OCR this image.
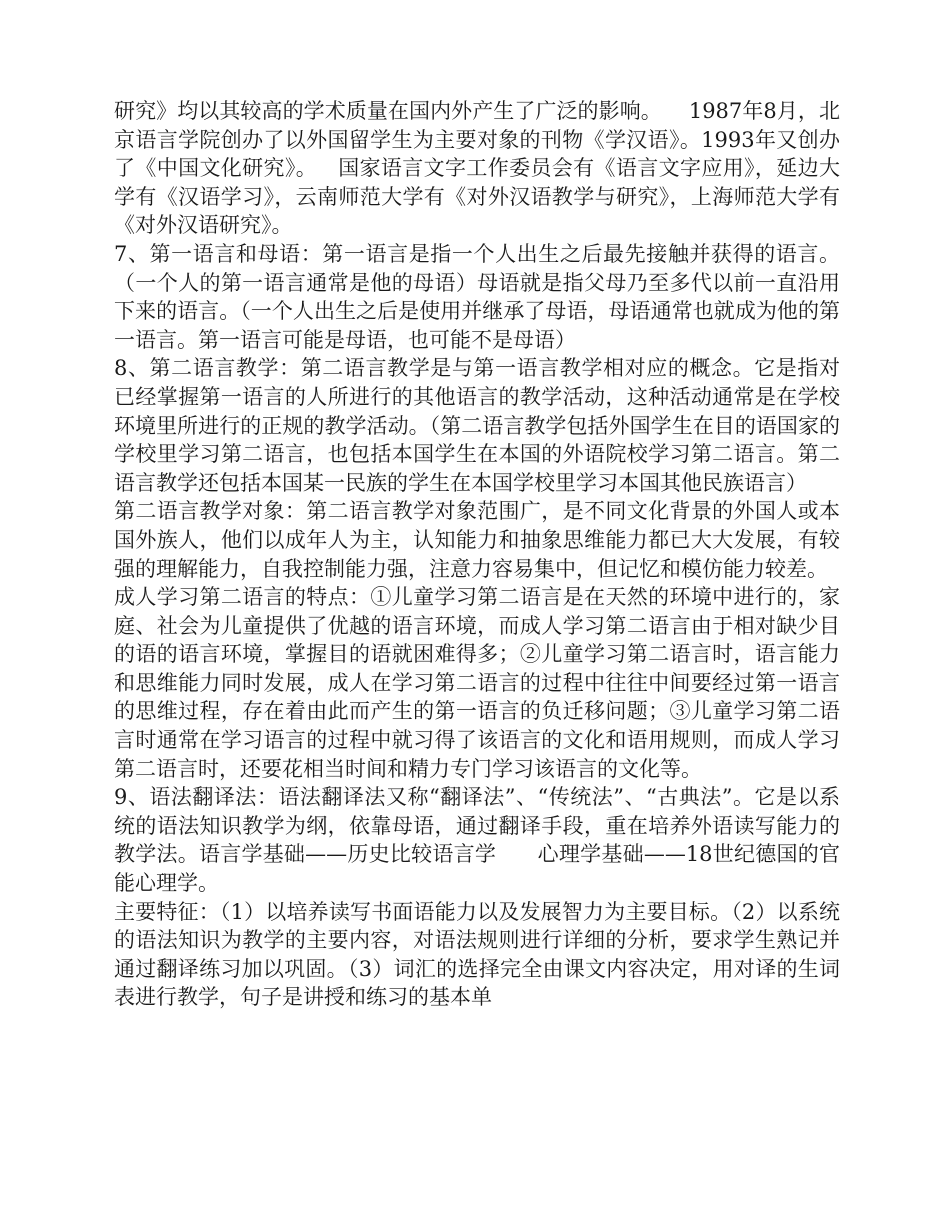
研究》均以其较高的学术质量在国内外产生了广泛的影响。    1987年8月，北京语言学院创办了以外国留学生为主要对象的刊物《学汉语》。1993年又创办了《中国文化研究》。   国家语言文字工作委员会有《语言文字应用》，延边大学有《汉语学习》，云南师范大学有《对外汉语教学与研究》，上海师范大学有《对外汉语研究》。

7、第一语言和母语：第一语言是指一个人出生之后最先接触并获得的语言。（一个人的第一语言通常是他的母语）母语就是指父母乃至多代以前一直沿用下来的语言。（一个人出生之后是使用并继承了母语，母语通常也就成为他的第一语言。第一语言可能是母语，也可能不是母语）

8、第二语言教学：第二语言教学是与第一语言教学相对应的概念。它是指对已经掌握第一语言的人所进行的其他语言的教学活动，这种活动通常是在学校环境里所进行的正规的教学活动。（第二语言教学包括外国学生在目的语国家的学校里学习第二语言，也包括本国学生在本国的外语院校学习第二语言。第二语言教学还包括本国某一民族的学生在本国学校里学习本国其他民族语言）

第二语言教学对象：第二语言教学对象范围广，是不同文化背景的外国人或本国外族人，他们以成年人为主，认知能力和抽象思维能力都已大大发展，有较强的理解能力，自我控制能力强，注意力容易集中，但记忆和模仿能力较差。

成人学习第二语言的特点：①儿童学习第二语言是在天然的环境中进行的，家庭、社会为儿童提供了优越的语言环境，而成人学习第二语言由于相对缺少目的语的语言环境，掌握目的语就困难得多；②儿童学习第二语言时，语言能力和思维能力同时发展，成人在学习第二语言的过程中往往中间要经过第一语言的思维过程，存在着由此而产生的第一语言的负迁移问题；③儿童学习第二语言时通常在学习语言的过程中就习得了该语言的文化和语用规则，而成人学习第二语言时，还要花相当时间和精力专门学习该语言的文化等。

9、语法翻译法：语法翻译法又称“翻译法”、“传统法”、“古典法”。它是以系统的语法知识教学为纲，依靠母语，通过翻译手段，重在培养外语读写能力的教学法。语言学基础——历史比较语言学      心理学基础——18世纪德国的官能心理学。

主要特征：（1）以培养读写书面语能力以及发展智力为主要目标。（2）以系统的语法知识为教学的主要内容，对语法规则进行详细的分析，要求学生熟记并通过翻译练习加以巩固。（3）词汇的选择完全由课文内容决定，用对译的生词表进行教学，句子是讲授和练习的基本单
